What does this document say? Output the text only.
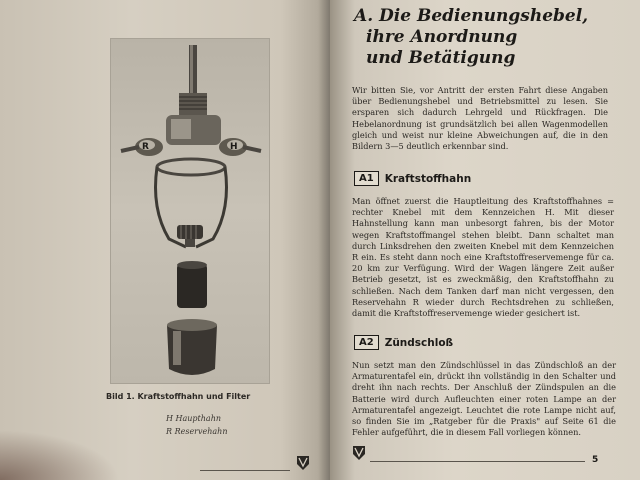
R	H
Bild 1. Kraftstoffhahn und Filter
H Haupthahn
R Reservehahn
A. Die Bedienungshebel,
ihre Anordnung
und Betätigung
Wir bitten Sie, vor Antritt der ersten Fahrt diese Angaben über Bedienungshebel und Betriebsmittel zu lesen. Sie ersparen sich dadurch Lehrgeld und Rückfragen. Die Hebelanordnung ist grundsätzlich bei allen Wagenmodellen gleich und weist nur kleine Abweichungen auf, die in den Bildern 3—5 deutlich erkennbar sind.
A1	Kraftstoffhahn
Man öffnet zuerst die Hauptleitung des Kraftstoffhahnes = rechter Knebel mit dem Kennzeichen H. Mit dieser Hahnstellung kann man unbesorgt fahren, bis der Motor wegen Kraftstoffmangel stehen bleibt. Dann schaltet man durch Linksdrehen den zweiten Knebel mit dem Kennzeichen R ein. Es steht dann noch eine Kraftstoffreservemenge für ca. 20 km zur Verfügung. Wird der Wagen längere Zeit außer Betrieb gesetzt, ist es zweckmäßig, den Kraftstoffhahn zu schließen. Nach dem Tanken darf man nicht vergessen, den Reservehahn R wieder durch Rechtsdrehen zu schließen, damit die Kraftstoffreservemenge wieder gesichert ist.
A2	Zündschloß
Nun setzt man den Zündschlüssel in das Zündschloß an der Armaturentafel ein, drückt ihn vollständig in den Schalter und dreht ihn nach rechts. Der Anschluß der Zündspulen an die Batterie wird durch Aufleuchten einer roten Lampe an der Armaturentafel angezeigt. Leuchtet die rote Lampe nicht auf, so finden Sie im „Ratgeber für die Praxis" auf Seite 61 die Fehler aufgeführt, die in diesem Fall vorliegen können.
5
